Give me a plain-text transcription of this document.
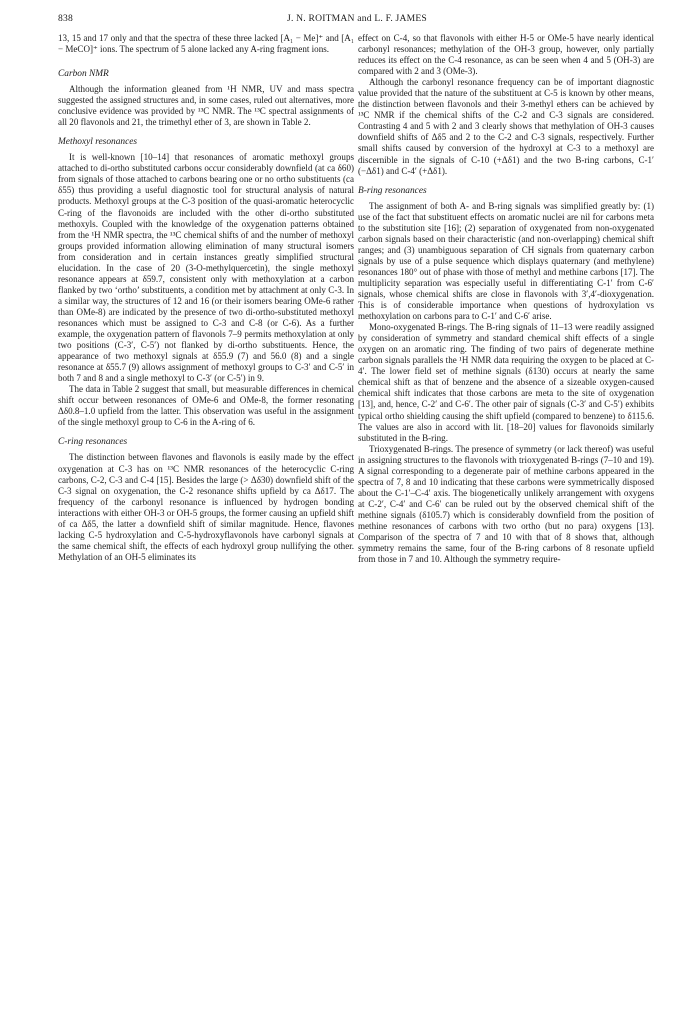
838	J. N. ROITMAN and L. F. JAMES

13, 15 and 17 only and that the spectra of these three lacked [A₁ − Me]⁺ and [A₁ − MeCO]⁺ ions. The spectrum of 5 alone lacked any A-ring fragment ions.

Carbon NMR

Although the information gleaned from ¹H NMR, UV and mass spectra suggested the assigned structures and, in some cases, ruled out alternatives, more conclusive evidence was provided by ¹³C NMR. The ¹³C spectral assignments of all 20 flavonols and 21, the trimethyl ether of 3, are shown in Table 2.

Methoxyl resonances

It is well-known [10–14] that resonances of aromatic methoxyl groups attached to di-ortho substituted carbons occur considerably downfield (at ca δ60) from signals of those attached to carbons bearing one or no ortho substituents (ca δ55) thus providing a useful diagnostic tool for structural analysis of natural products. Methoxyl groups at the C-3 position of the quasi-aromatic heterocyclic C-ring of the flavonoids are included with the other di-ortho substituted methoxyls. Coupled with the knowledge of the oxygenation patterns obtained from the ¹H NMR spectra, the ¹³C chemical shifts of and the number of methoxyl groups provided information allowing elimination of many structural isomers from consideration and in certain instances greatly simplified structural elucidation. In the case of 20 (3-O-methylquercetin), the single methoxyl resonance appears at δ59.7, consistent only with methoxylation at a carbon flanked by two ‘ortho’ substituents, a condition met by attachment at only C-3. In a similar way, the structures of 12 and 16 (or their isomers bearing OMe-6 rather than OMe-8) are indicated by the presence of two di-ortho-substituted methoxyl resonances which must be assigned to C-3 and C-8 (or C-6). As a further example, the oxygenation pattern of flavonols 7–9 permits methoxylation at only two positions (C-3′, C-5′) not flanked by di-ortho substituents. Hence, the appearance of two methoxyl signals at δ55.9 (7) and 56.0 (8) and a single resonance at δ55.7 (9) allows assignment of methoxyl groups to C-3′ and C-5′ in both 7 and 8 and a single methoxyl to C-3′ (or C-5′) in 9.

The data in Table 2 suggest that small, but measurable differences in chemical shift occur between resonances of OMe-6 and OMe-8, the former resonating Δδ0.8–1.0 upfield from the latter. This observation was useful in the assignment of the single methoxyl group to C-6 in the A-ring of 6.

C-ring resonances

The distinction between flavones and flavonols is easily made by the effect oxygenation at C-3 has on ¹³C NMR resonances of the heterocyclic C-ring carbons, C-2, C-3 and C-4 [15]. Besides the large (> Δδ30) downfield shift of the C-3 signal on oxygenation, the C-2 resonance shifts upfield by ca Δδ17. The frequency of the carbonyl resonance is influenced by hydrogen bonding interactions with either OH-3 or OH-5 groups, the former causing an upfield shift of ca Δδ5, the latter a downfield shift of similar magnitude. Hence, flavones lacking C-5 hydroxylation and C-5-hydroxyflavonols have carbonyl signals at the same chemical shift, the effects of each hydroxyl group nullifying the other. Methylation of an OH-5 eliminates its

effect on C-4, so that flavonols with either H-5 or OMe-5 have nearly identical carbonyl resonances; methylation of the OH-3 group, however, only partially reduces its effect on the C-4 resonance, as can be seen when 4 and 5 (OH-3) are compared with 2 and 3 (OMe-3).

Although the carbonyl resonance frequency can be of important diagnostic value provided that the nature of the substituent at C-5 is known by other means, the distinction between flavonols and their 3-methyl ethers can be achieved by ¹³C NMR if the chemical shifts of the C-2 and C-3 signals are considered. Contrasting 4 and 5 with 2 and 3 clearly shows that methylation of OH-3 causes downfield shifts of Δδ5 and 2 to the C-2 and C-3 signals, respectively. Further small shifts caused by conversion of the hydroxyl at C-3 to a methoxyl are discernible in the signals of C-10 (+Δδ1) and the two B-ring carbons, C-1′ (−Δδ1) and C-4′ (+Δδ1).

B-ring resonances

The assignment of both A- and B-ring signals was simplified greatly by: (1) use of the fact that substituent effects on aromatic nuclei are nil for carbons meta to the substitution site [16]; (2) separation of oxygenated from non-oxygenated carbon signals based on their characteristic (and non-overlapping) chemical shift ranges; and (3) unambiguous separation of CH signals from quaternary carbon signals by use of a pulse sequence which displays quaternary (and methylene) resonances 180° out of phase with those of methyl and methine carbons [17]. The multiplicity separation was especially useful in differentiating C-1′ from C-6′ signals, whose chemical shifts are close in flavonols with 3′,4′-dioxygenation. This is of considerable importance when questions of hydroxylation vs methoxylation on carbons para to C-1′ and C-6′ arise.

Mono-oxygenated B-rings. The B-ring signals of 11–13 were readily assigned by consideration of symmetry and standard chemical shift effects of a single oxygen on an aromatic ring. The finding of two pairs of degenerate methine carbon signals parallels the ¹H NMR data requiring the oxygen to be placed at C-4′. The lower field set of methine signals (δ130) occurs at nearly the same chemical shift as that of benzene and the absence of a sizeable oxygen-caused chemical shift indicates that those carbons are meta to the site of oxygenation [13], and, hence, C-2′ and C-6′. The other pair of signals (C-3′ and C-5′) exhibits typical ortho shielding causing the shift upfield (compared to benzene) to δ115.6. The values are also in accord with lit. [18–20] values for flavonoids similarly substituted in the B-ring.

Trioxygenated B-rings. The presence of symmetry (or lack thereof) was useful in assigning structures to the flavonols with trioxygenated B-rings (7–10 and 19). A signal corresponding to a degenerate pair of methine carbons appeared in the spectra of 7, 8 and 10 indicating that these carbons were symmetrically disposed about the C-1′–C-4′ axis. The biogenetically unlikely arrangement with oxygens at C-2′, C-4′ and C-6′ can be ruled out by the observed chemical shift of the methine signals (δ105.7) which is considerably downfield from the position of methine resonances of carbons with two ortho (but no para) oxygens [13]. Comparison of the spectra of 7 and 10 with that of 8 shows that, although symmetry remains the same, four of the B-ring carbons of 8 resonate upfield from those in 7 and 10. Although the symmetry require-
